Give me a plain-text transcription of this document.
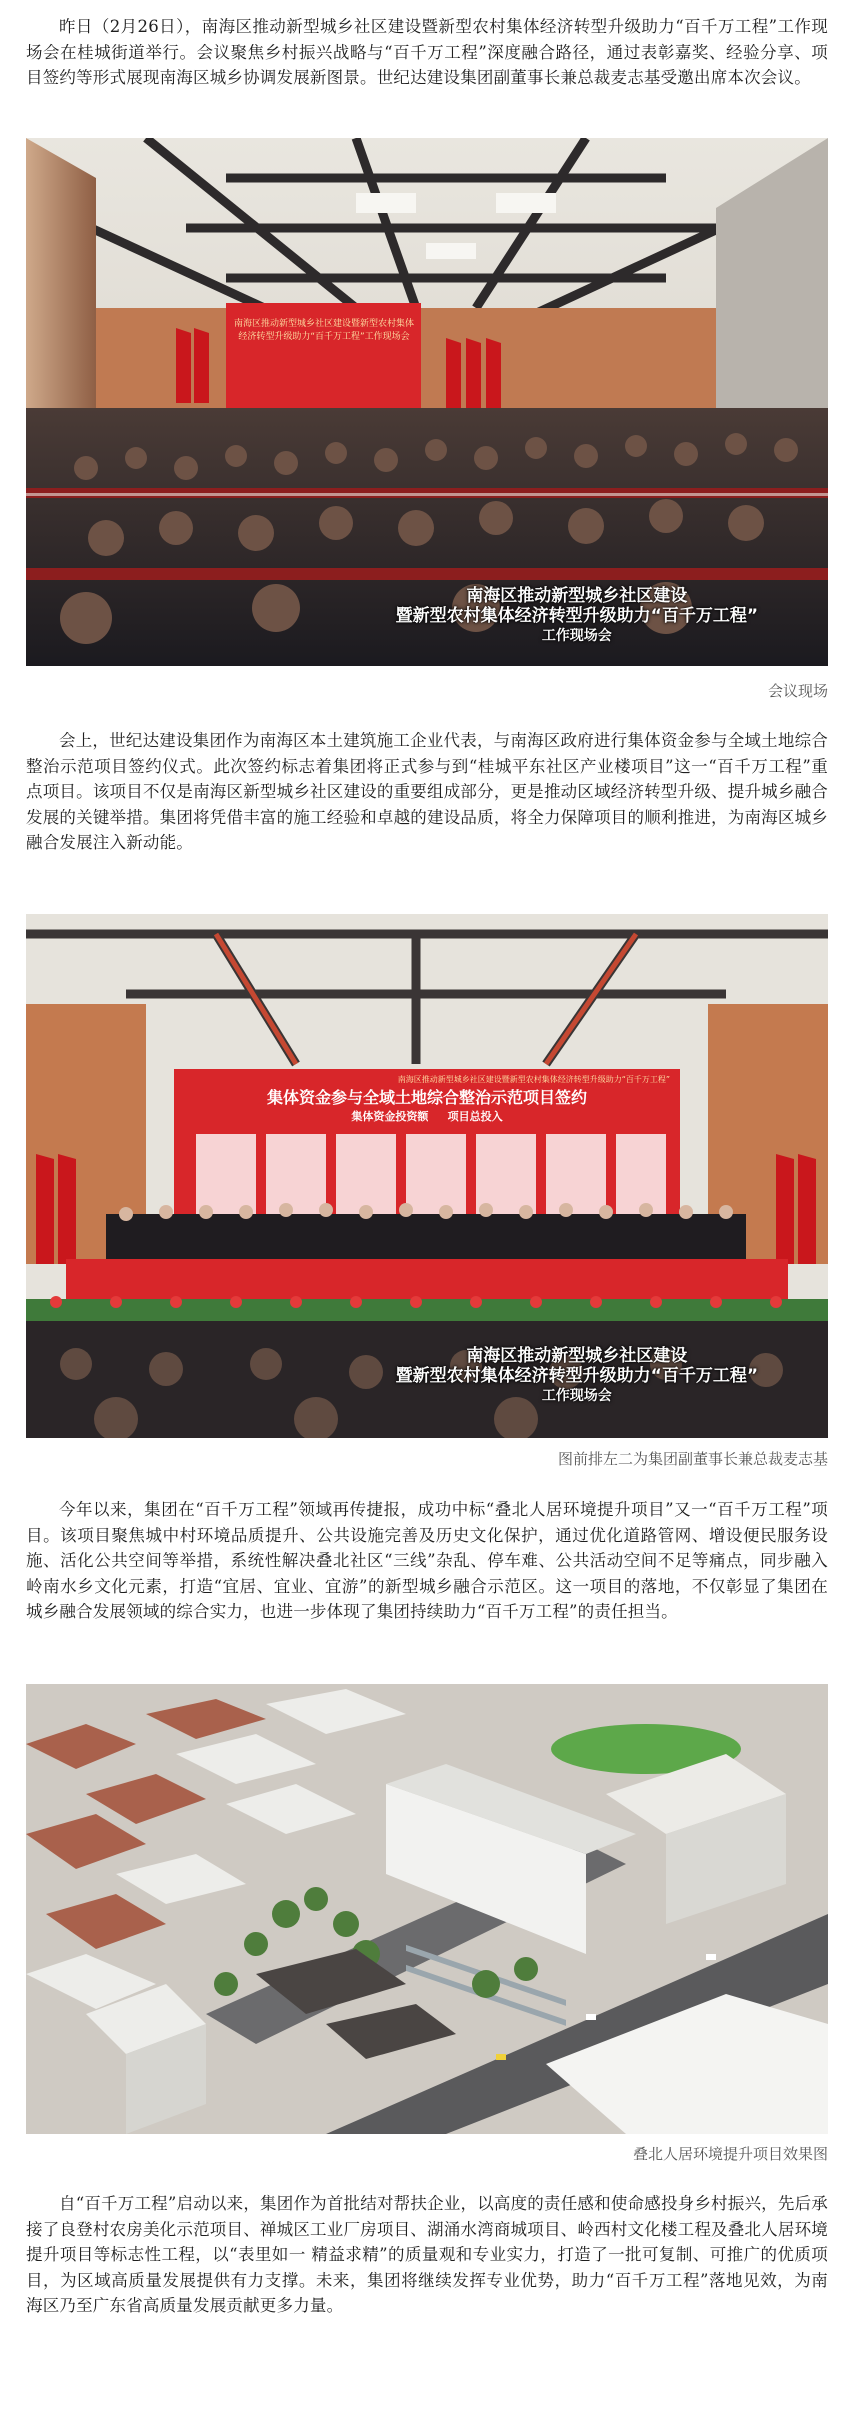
昨日（2月26日），南海区推动新型城乡社区建设暨新型农村集体经济转型升级助力“百千万工程”工作现场会在桂城街道举行。会议聚焦乡村振兴战略与“百千万工程”深度融合路径，通过表彰嘉奖、经验分享、项目签约等形式展现南海区城乡协调发展新图景。世纪达建设集团副董事长兼总裁麦志基受邀出席本次会议。

南海区推动新型城乡社区建设暨新型农村集体经济转型升级助力“百千万工程”工作现场会
南海区推动新型城乡社区建设
暨新型农村集体经济转型升级助力“百千万工程”
工作现场会

会议现场

会上，世纪达建设集团作为南海区本土建筑施工企业代表，与南海区政府进行集体资金参与全域土地综合整治示范项目签约仪式。此次签约标志着集团将正式参与到“桂城平东社区产业楼项目”这一“百千万工程”重点项目。该项目不仅是南海区新型城乡社区建设的重要组成部分，更是推动区域经济转型升级、提升城乡融合发展的关键举措。集团将凭借丰富的施工经验和卓越的建设品质，将全力保障项目的顺利推进，为南海区城乡融合发展注入新动能。

南海区推动新型城乡社区建设暨新型农村集体经济转型升级助力“百千万工程”
集体资金参与全域土地综合整治示范项目签约
集体资金投资额 项目总投入
南海区推动新型城乡社区建设
暨新型农村集体经济转型升级助力“百千万工程”
工作现场会

图前排左二为集团副董事长兼总裁麦志基

今年以来，集团在“百千万工程”领域再传捷报，成功中标“叠北人居环境提升项目”又一“百千万工程”项目。该项目聚焦城中村环境品质提升、公共设施完善及历史文化保护，通过优化道路管网、增设便民服务设施、活化公共空间等举措，系统性解决叠北社区“三线”杂乱、停车难、公共活动空间不足等痛点，同步融入岭南水乡文化元素，打造“宜居、宜业、宜游”的新型城乡融合示范区。这一项目的落地，不仅彰显了集团在城乡融合发展领域的综合实力，也进一步体现了集团持续助力“百千万工程”的责任担当。

叠北人居环境提升项目效果图

自“百千万工程”启动以来，集团作为首批结对帮扶企业，以高度的责任感和使命感投身乡村振兴，先后承接了良登村农房美化示范项目、禅城区工业厂房项目、湖涌水湾商城项目、岭西村文化楼工程及叠北人居环境提升项目等标志性工程，以“表里如一 精益求精”的质量观和专业实力，打造了一批可复制、可推广的优质项目，为区域高质量发展提供有力支撑。未来，集团将继续发挥专业优势，助力“百千万工程”落地见效，为南海区乃至广东省高质量发展贡献更多力量。
